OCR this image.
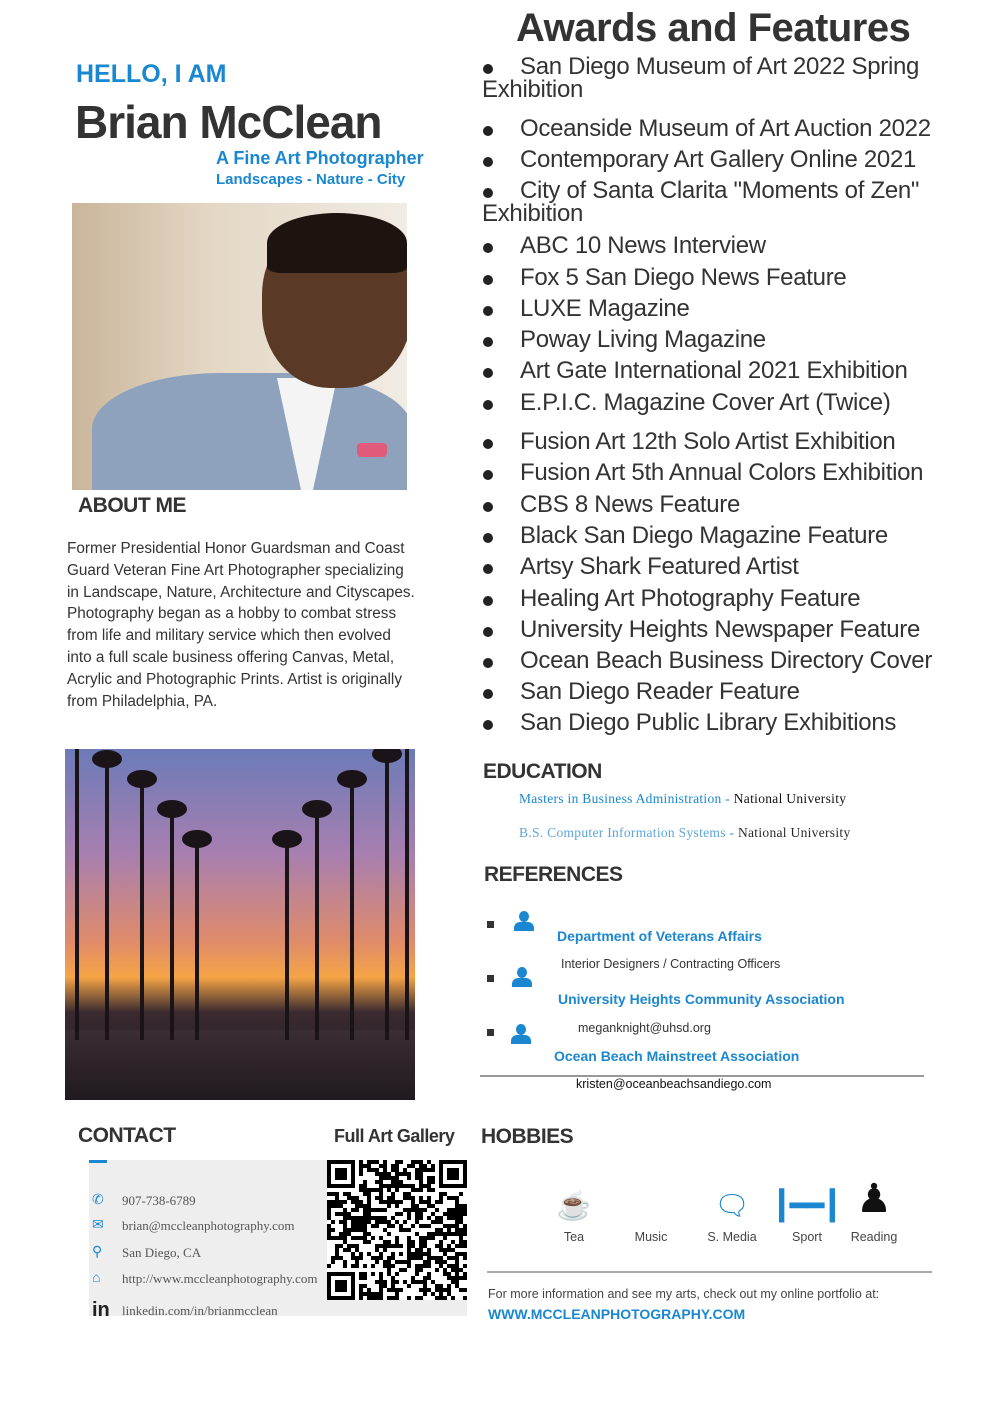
HELLO, I AM
Brian McClean
A Fine Art Photographer
Landscapes - Nature - City
ABOUT ME
Former Presidential Honor Guardsman and Coast Guard Veteran Fine Art Photographer specializing in Landscape, Nature, Architecture and Cityscapes. Photography began as a hobby to combat stress from life and military service which then evolved into a full scale business offering Canvas, Metal, Acrylic and Photographic Prints. Artist is originally from Philadelphia, PA.
CONTACT	Full Art Gallery
✆	907-738-6789
✉	brian@mccleanphotography.com
⚲	San Diego, CA
⌂	http://www.mccleanphotography.com
in linkedin.com/in/brianmcclean
Awards and Features
San Diego Museum of Art 2022 Spring Exhibition
Oceanside Museum of Art Auction 2022
Contemporary Art Gallery Online 2021
City of Santa Clarita "Moments of Zen" Exhibition
ABC 10 News Interview
Fox 5 San Diego News Feature
LUXE Magazine
Poway Living Magazine
Art Gate International 2021 Exhibition
E.P.I.C. Magazine Cover Art (Twice)
Fusion Art 12th Solo Artist Exhibition
Fusion Art 5th Annual Colors Exhibition
CBS 8 News Feature
Black San Diego Magazine Feature
Artsy Shark Featured Artist
Healing Art Photography Feature
University Heights Newspaper Feature
Ocean Beach Business Directory Cover
San Diego Reader Feature
San Diego Public Library Exhibitions
EDUCATION
Masters in Business Administration - National University
B.S. Computer Information Systems - National University
REFERENCES
Department of Veterans Affairs
Interior Designers / Contracting Officers
University Heights Community Association
meganknight@uhsd.org
Ocean Beach Mainstreet Association
kristen@oceanbeachsandiego.com
HOBBIES
☕
Tea	Music
🗨
S. Media
┃━━┃
Sport
♟
Reading
For more information and see my arts, check out my online portfolio at:
WWW.MCCLEANPHOTOGRAPHY.COM
